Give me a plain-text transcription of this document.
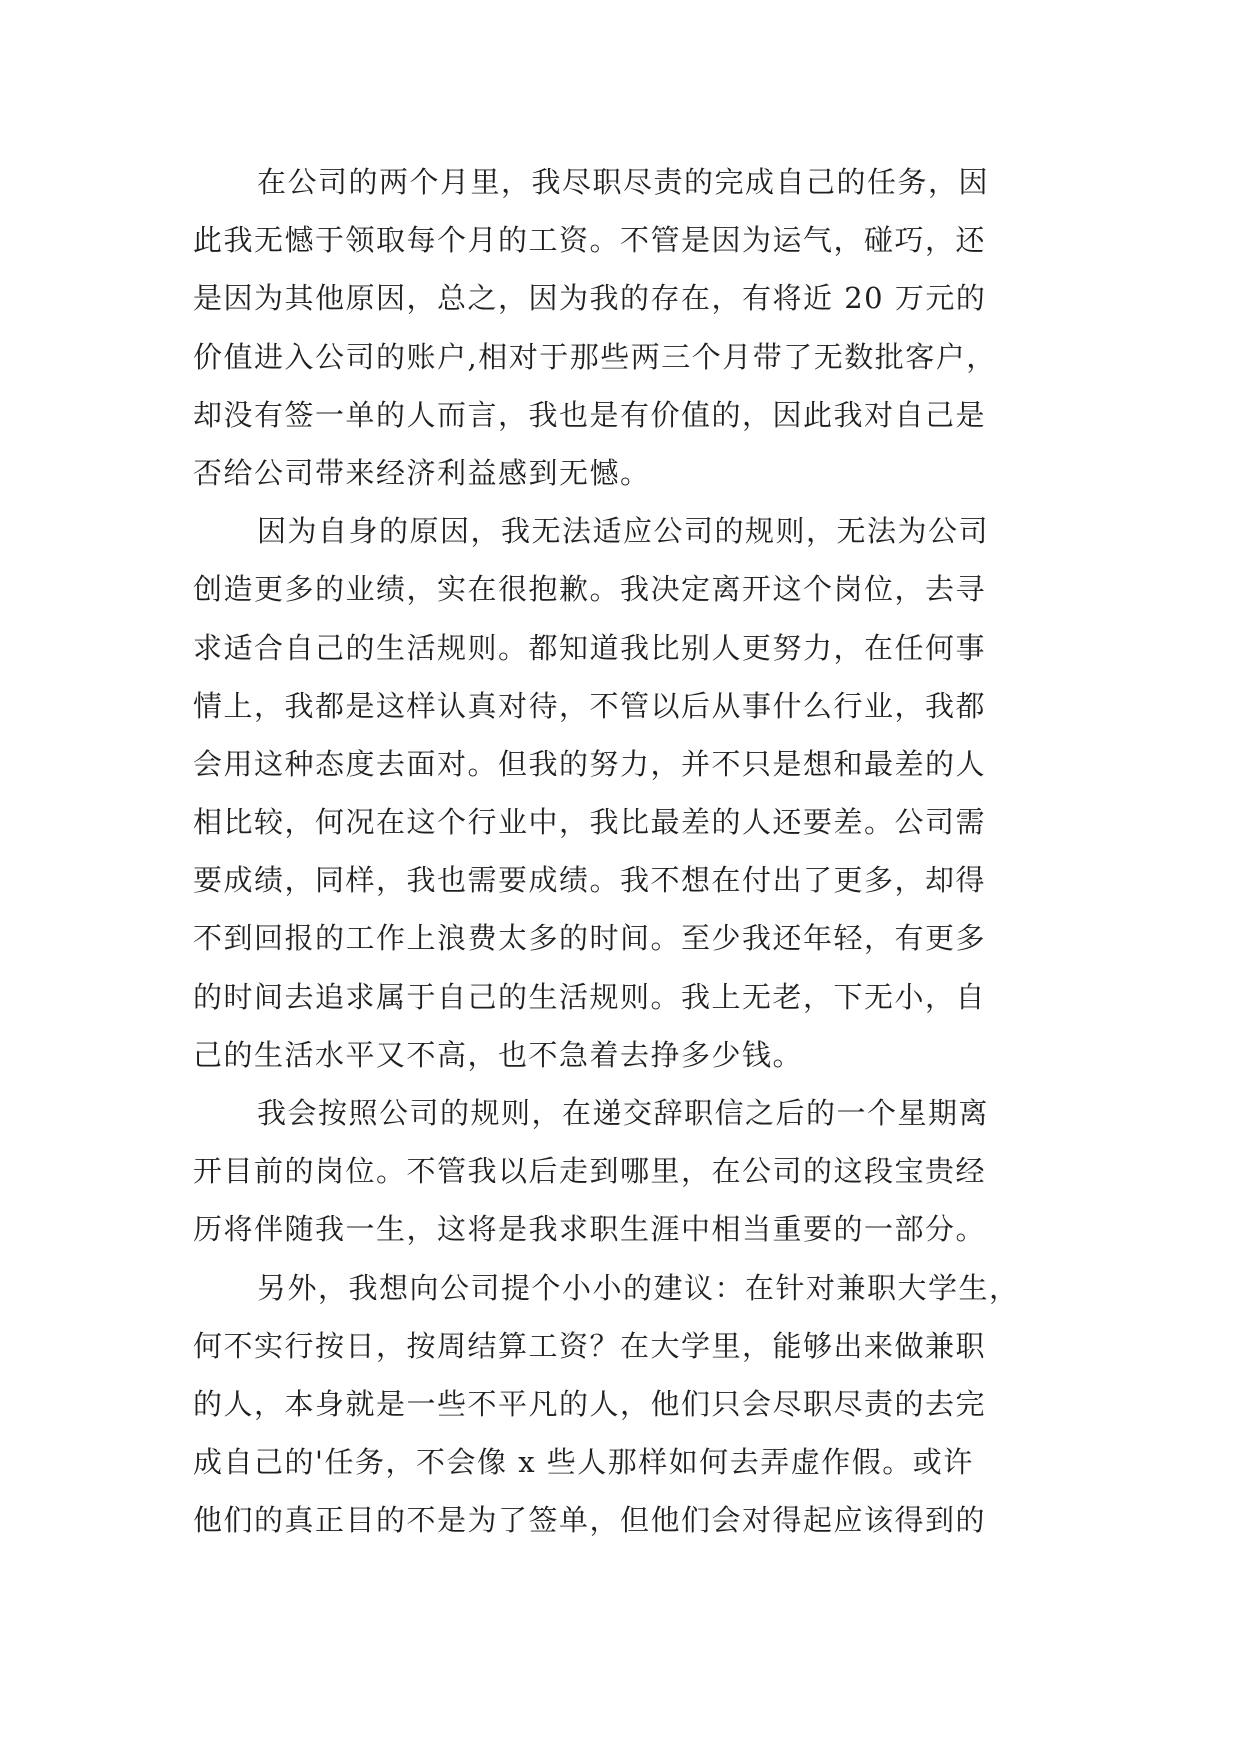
在公司的两个月里，我尽职尽责的完成自己的任务，因
此我无憾于领取每个月的工资。不管是因为运气，碰巧，还
是因为其他原因，总之，因为我的存在，有将近 20 万元的
价值进入公司的账户,相对于那些两三个月带了无数批客户，
却没有签一单的人而言，我也是有价值的，因此我对自己是
否给公司带来经济利益感到无憾。
因为自身的原因，我无法适应公司的规则，无法为公司
创造更多的业绩，实在很抱歉。我决定离开这个岗位，去寻
求适合自己的生活规则。都知道我比别人更努力，在任何事
情上，我都是这样认真对待，不管以后从事什么行业，我都
会用这种态度去面对。但我的努力，并不只是想和最差的人
相比较，何况在这个行业中，我比最差的人还要差。公司需
要成绩，同样，我也需要成绩。我不想在付出了更多，却得
不到回报的工作上浪费太多的时间。至少我还年轻，有更多
的时间去追求属于自己的生活规则。我上无老，下无小，自
己的生活水平又不高，也不急着去挣多少钱。
我会按照公司的规则，在递交辞职信之后的一个星期离
开目前的岗位。不管我以后走到哪里，在公司的这段宝贵经
历将伴随我一生，这将是我求职生涯中相当重要的一部分。
另外，我想向公司提个小小的建议：在针对兼职大学生，
何不实行按日，按周结算工资？在大学里，能够出来做兼职
的人，本身就是一些不平凡的人，他们只会尽职尽责的去完
成自己的'任务，不会像 x 些人那样如何去弄虚作假。或许
他们的真正目的不是为了签单，但他们会对得起应该得到的
